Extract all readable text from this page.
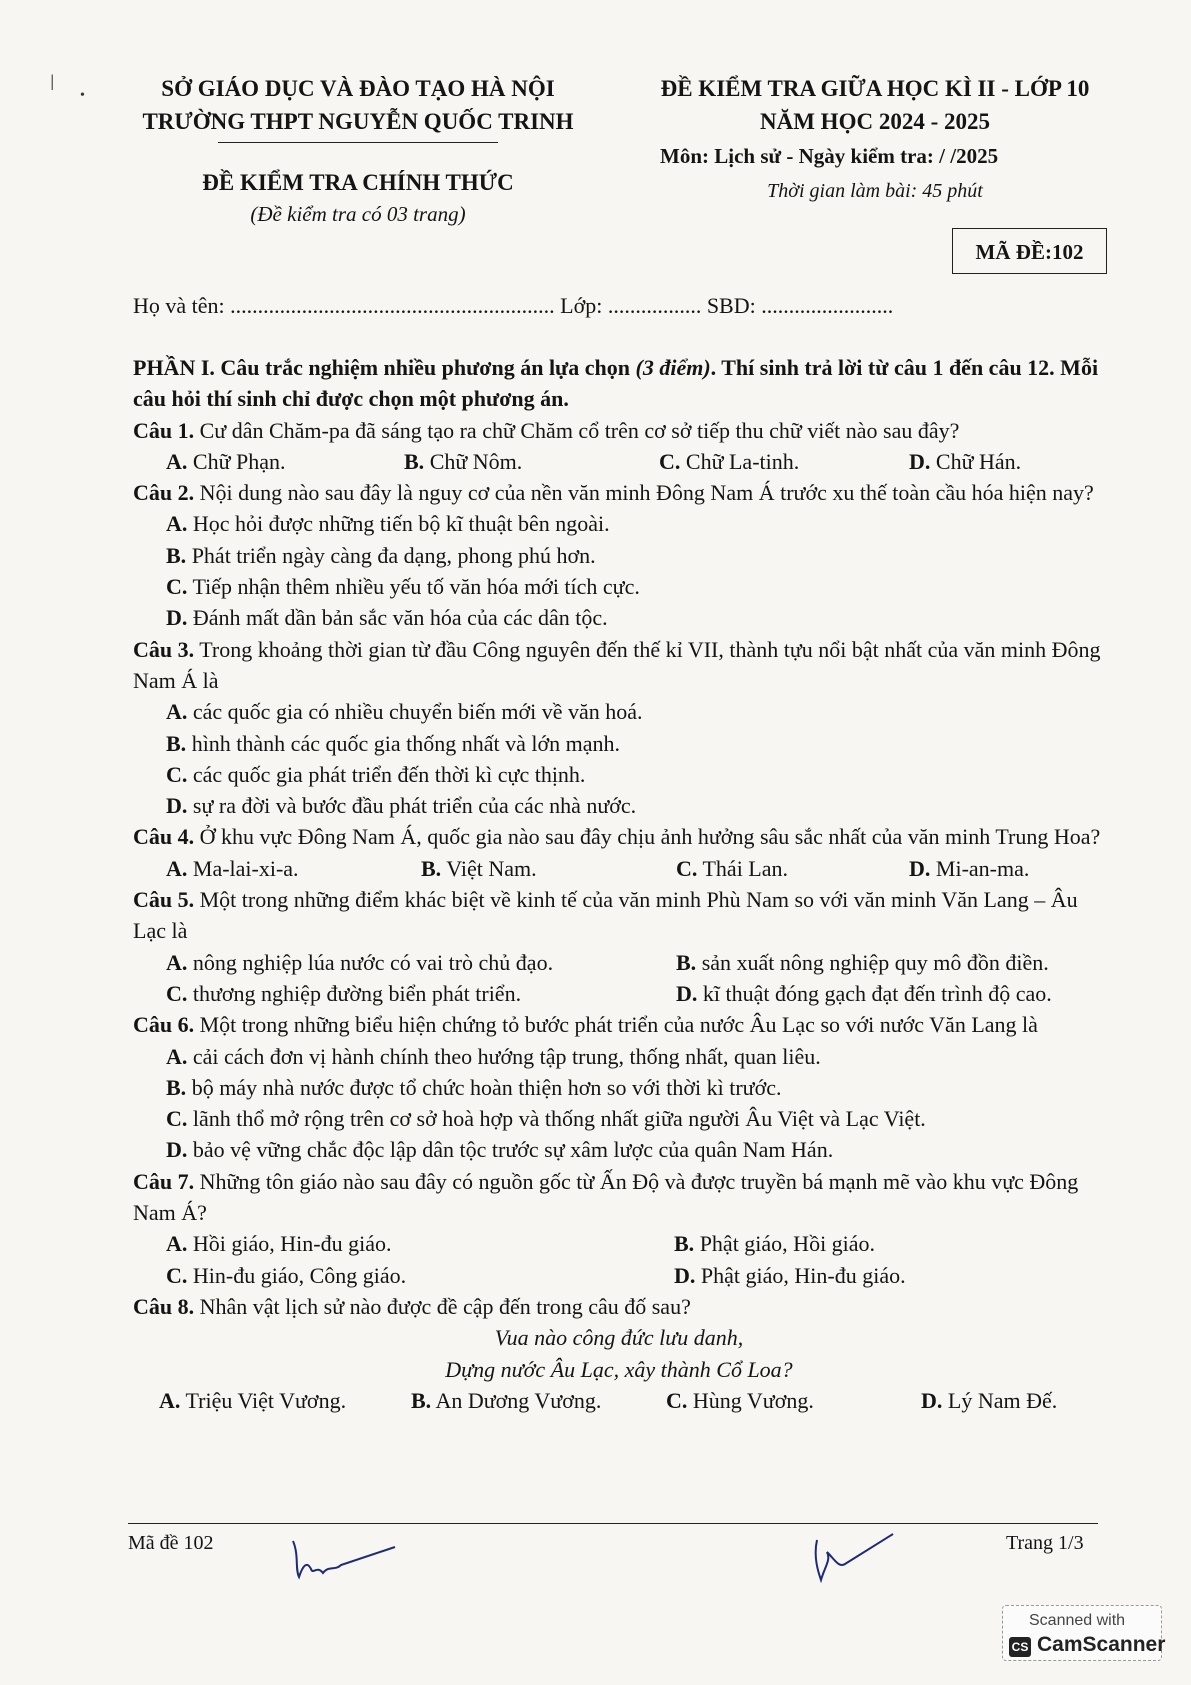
SỞ GIÁO DỤC VÀ ĐÀO TẠO HÀ NỘI
TRƯỜNG THPT NGUYỄN QUỐC TRINH
ĐỀ KIỂM TRA CHÍNH THỨC
(Đề kiểm tra có 03 trang)
ĐỀ KIỂM TRA GIỮA HỌC KÌ II - LỚP 10
NĂM HỌC 2024 - 2025
Môn: Lịch sử - Ngày kiểm tra: / /2025
Thời gian làm bài: 45 phút
MÃ ĐỀ:102
Họ và tên: ........................................................... Lớp: ................. SBD: ........................

PHẦN I. Câu trắc nghiệm nhiều phương án lựa chọn (3 điểm). Thí sinh trả lời từ câu 1 đến câu 12. Mỗi câu hỏi thí sinh chỉ được chọn một phương án.

Câu 1. Cư dân Chăm-pa đã sáng tạo ra chữ Chăm cổ trên cơ sở tiếp thu chữ viết nào sau đây?

A. Chữ Phạn.	B. Chữ Nôm.	C. Chữ La-tinh.	D. Chữ Hán.

Câu 2. Nội dung nào sau đây là nguy cơ của nền văn minh Đông Nam Á trước xu thế toàn cầu hóa hiện nay?

A. Học hỏi được những tiến bộ kĩ thuật bên ngoài.
B. Phát triển ngày càng đa dạng, phong phú hơn.
C. Tiếp nhận thêm nhiều yếu tố văn hóa mới tích cực.
D. Đánh mất dần bản sắc văn hóa của các dân tộc.

Câu 3. Trong khoảng thời gian từ đầu Công nguyên đến thế kỉ VII, thành tựu nổi bật nhất của văn minh Đông Nam Á là

A. các quốc gia có nhiều chuyển biến mới về văn hoá.
B. hình thành các quốc gia thống nhất và lớn mạnh.
C. các quốc gia phát triển đến thời kì cực thịnh.
D. sự ra đời và bước đầu phát triển của các nhà nước.

Câu 4. Ở khu vực Đông Nam Á, quốc gia nào sau đây chịu ảnh hưởng sâu sắc nhất của văn minh Trung Hoa?

A. Ma-lai-xi-a.	B. Việt Nam.	C. Thái Lan.	D. Mi-an-ma.

Câu 5. Một trong những điểm khác biệt về kinh tế của văn minh Phù Nam so với văn minh Văn Lang – Âu Lạc là

A. nông nghiệp lúa nước có vai trò chủ đạo.	B. sản xuất nông nghiệp quy mô đồn điền.
C. thương nghiệp đường biển phát triển.	D. kĩ thuật đóng gạch đạt đến trình độ cao.

Câu 6. Một trong những biểu hiện chứng tỏ bước phát triển của nước Âu Lạc so với nước Văn Lang là

A. cải cách đơn vị hành chính theo hướng tập trung, thống nhất, quan liêu.
B. bộ máy nhà nước được tổ chức hoàn thiện hơn so với thời kì trước.
C. lãnh thổ mở rộng trên cơ sở hoà hợp và thống nhất giữa người Âu Việt và Lạc Việt.
D. bảo vệ vững chắc độc lập dân tộc trước sự xâm lược của quân Nam Hán.

Câu 7. Những tôn giáo nào sau đây có nguồn gốc từ Ấn Độ và được truyền bá mạnh mẽ vào khu vực Đông Nam Á?

A. Hồi giáo, Hin-đu giáo.	B. Phật giáo, Hồi giáo.
C. Hin-đu giáo, Công giáo.	D. Phật giáo, Hin-đu giáo.

Câu 8. Nhân vật lịch sử nào được đề cập đến trong câu đố sau?

Vua nào công đức lưu danh,
Dựng nước Âu Lạc, xây thành Cổ Loa?
A. Triệu Việt Vương.	B. An Dương Vương.	C. Hùng Vương.	D. Lý Nam Đế.
Mã đề 102	Trang 1/3
ǀ
•
Scanned with
CS CamScanner
